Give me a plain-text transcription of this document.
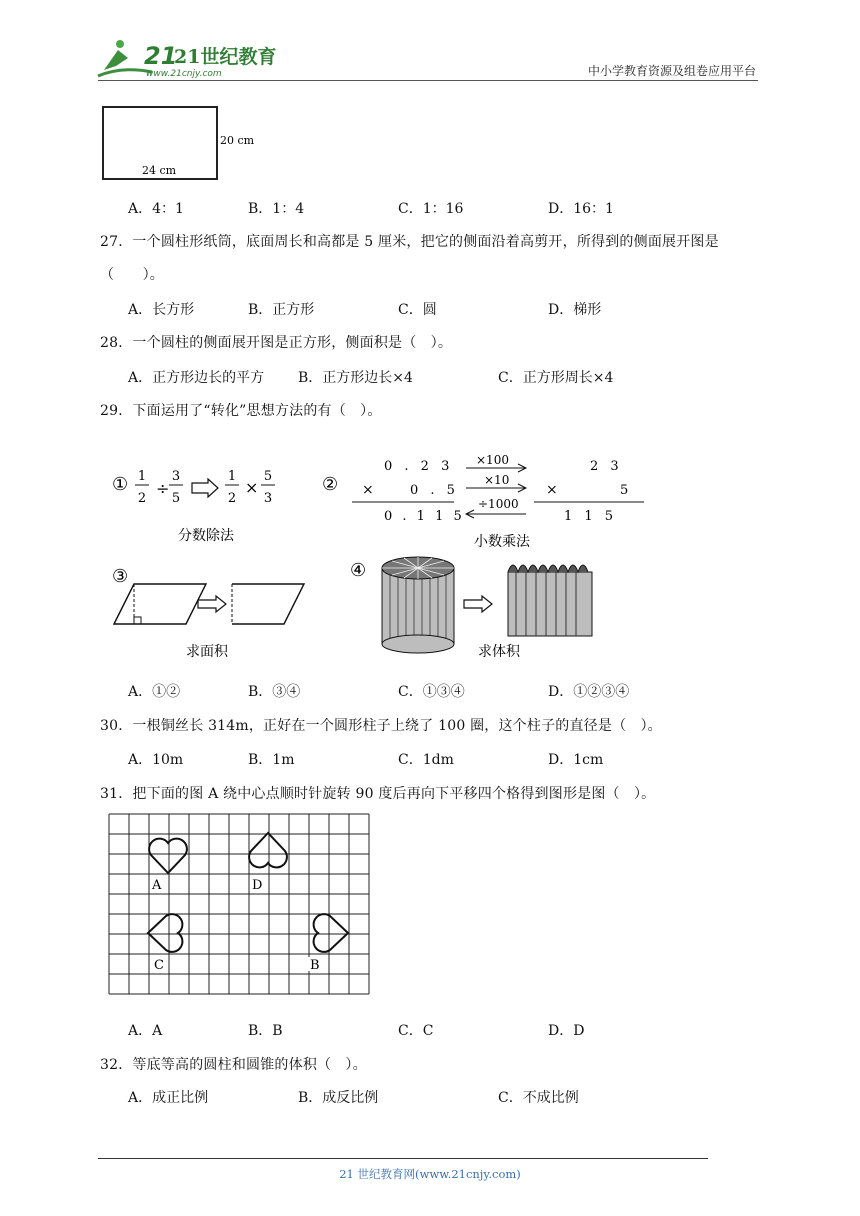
21
21世纪教育
www.21cnjy.com	中小学教育资源及组卷应用平台
20 cm
24 cm
A．4：1	B．1：4	C．1：16	D．16：1
27．一个圆柱形纸筒，底面周长和高都是 5 厘米，把它的侧面沿着高剪开，所得到的侧面展开图是
（　　）。
A．长方形	B．正方形	C．圆	D．梯形
28．一个圆柱的侧面展开图是正方形，侧面积是（　）。
A．正方形边长的平方 B．正方形边长×4	C．正方形周长×4
29．下面运用了“转化”思想方法的有（　）。
① 1
2
÷
3
5
1
2
×
5
3
分数除法
②
0 . 2 3
×	0 . 5
0 . 1 1 5
×100
×10
÷1000
2 3
×	5
1 1 5
小数乘法
③
求面积
④
求体积
A．①②	B．③④	C．①③④	D．①②③④
30．一根铜丝长 314m，正好在一个圆形柱子上绕了 100 圈，这个柱子的直径是（　）。
A．10m	B．1m	C．1dm	D．1cm
31．把下面的图 A 绕中心点顺时针旋转 90 度后再向下平移四个格得到图形是图（　）。
A	D
C	B
A．A	B．B	C．C	D．D
32．等底等高的圆柱和圆锥的体积（　）。
A．成正比例	B．成反比例	C．不成比例
21 世纪教育网(www.21cnjy.com)
